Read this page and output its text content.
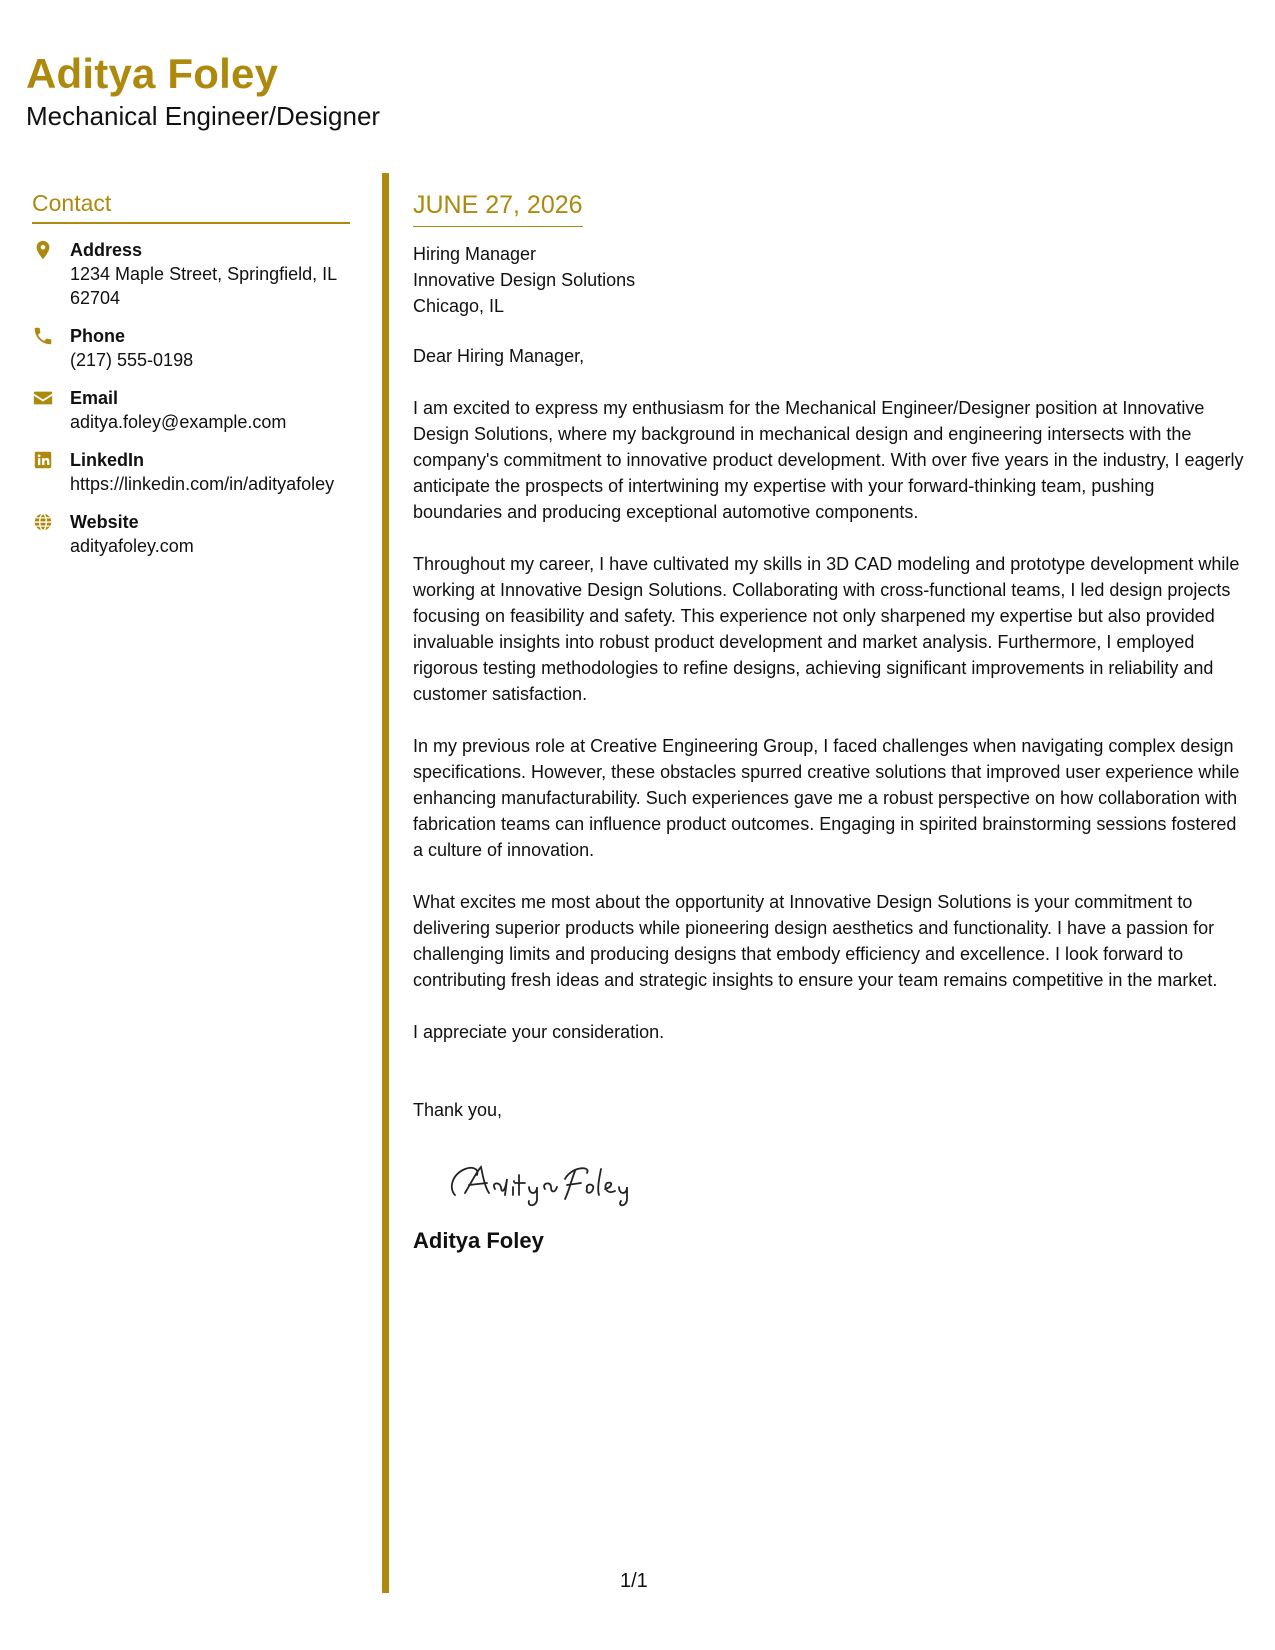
Aditya Foley
Mechanical Engineer/Designer
Contact
Address
1234 Maple Street, Springfield, IL 62704
Phone
(217) 555-0198
Email
aditya.foley@example.com
LinkedIn
https://linkedin.com/in/adityafoley
Website
adityafoley.com
JUNE 27, 2026
Hiring Manager
Innovative Design Solutions
Chicago, IL
Dear Hiring Manager,
I am excited to express my enthusiasm for the Mechanical Engineer/Designer position at Innovative Design Solutions, where my background in mechanical design and engineering intersects with the company's commitment to innovative product development. With over five years in the industry, I eagerly anticipate the prospects of intertwining my expertise with your forward-thinking team, pushing boundaries and producing exceptional automotive components.
Throughout my career, I have cultivated my skills in 3D CAD modeling and prototype development while working at Innovative Design Solutions. Collaborating with cross-functional teams, I led design projects focusing on feasibility and safety. This experience not only sharpened my expertise but also provided invaluable insights into robust product development and market analysis. Furthermore, I employed rigorous testing methodologies to refine designs, achieving significant improvements in reliability and customer satisfaction.
In my previous role at Creative Engineering Group, I faced challenges when navigating complex design specifications. However, these obstacles spurred creative solutions that improved user experience while enhancing manufacturability. Such experiences gave me a robust perspective on how collaboration with fabrication teams can influence product outcomes. Engaging in spirited brainstorming sessions fostered a culture of innovation.
What excites me most about the opportunity at Innovative Design Solutions is your commitment to delivering superior products while pioneering design aesthetics and functionality. I have a passion for challenging limits and producing designs that embody efficiency and excellence. I look forward to contributing fresh ideas and strategic insights to ensure your team remains competitive in the market.
I appreciate your consideration.
Thank you,
Aditya Foley
1/1
